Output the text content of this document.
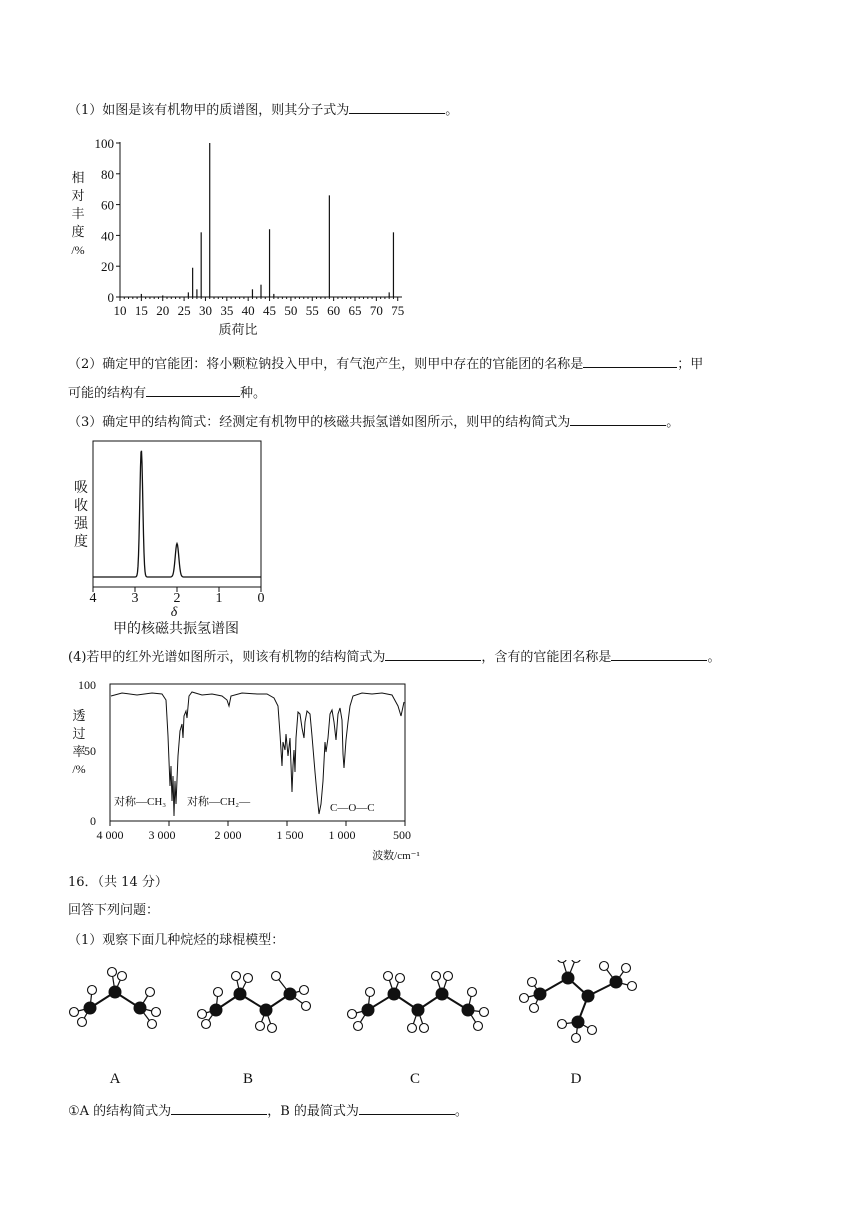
（1）如图是该有机物甲的质谱图，则其分子式为	。
相
对
丰
度
/%
0
20
40
60
80
100
10 15 20 25 30 35 40 45 50 55 60 65 70 75
质荷比
（2）确定甲的官能团：将小颗粒钠投入甲中，有气泡产生，则甲中存在的官能团的名称是	；甲
可能的结构有	种。
（3）确定甲的结构简式：经测定有机物甲的核磁共振氢谱如图所示，则甲的结构简式为	。
吸
收
强
度
4	3	2	1	0
δ
甲的核磁共振氢谱图
(4)若甲的红外光谱如图所示，则该有机物的结构简式为	，含有的官能团名称是	。
透
过
率
/%
100
50
0
对称—CH₃ 对称—CH₂—	C—O—C
4 000 3 000	2 000	1 500 1 000	500
波数/cm⁻¹
16．（共 14 分）
回答下列问题：
（1）观察下面几种烷烃的球棍模型：
A	B	C	D
①A 的结构简式为	，B 的最简式为	。
